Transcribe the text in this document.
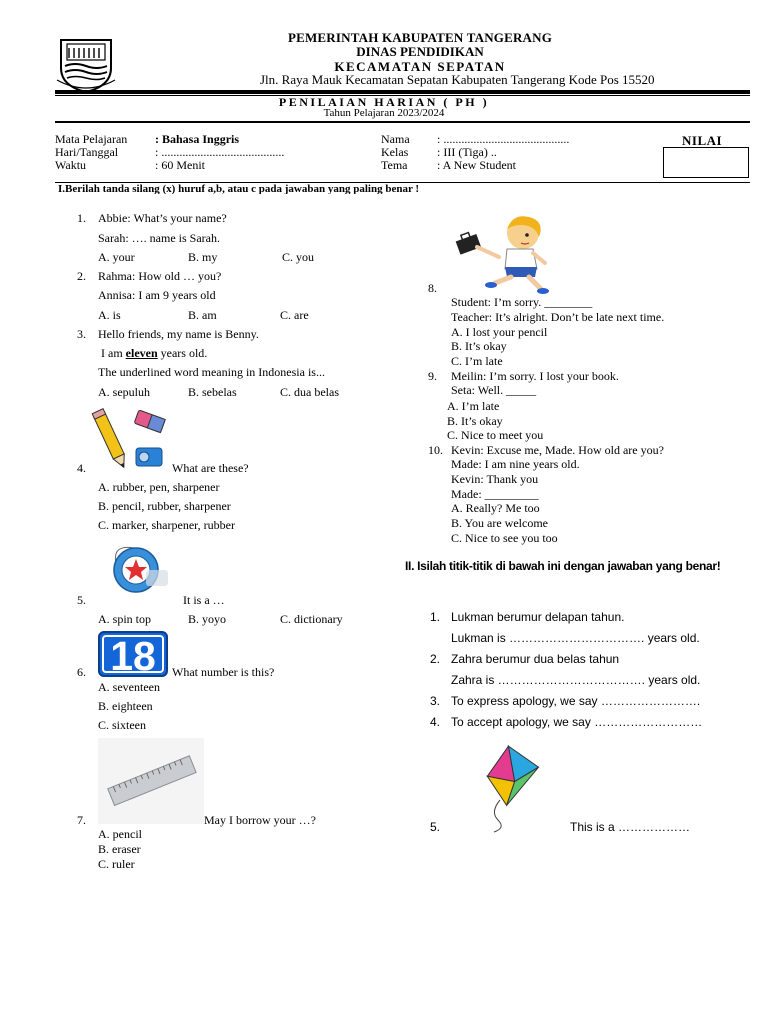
PEMERINTAH KABUPATEN TANGERANG
DINAS PENDIDIKAN
KECAMATAN SEPATAN
Jln. Raya Mauk Kecamatan Sepatan Kabupaten Tangerang Kode Pos 15520
PENILAIAN HARIAN ( PH )
Tahun Pelajaran 2023/2024
Mata Pelajaran : Bahasa Inggris
Hari/Tanggal	: .........................................
Waktu	: 60 Menit
Nama : ..........................................
Kelas : III (Tiga) ..
Tema : A New Student
NILAI
I.Berilah tanda silang (x) huruf a,b, atau c pada jawaban yang paling benar !
1. Abbie: What’s your name?
Sarah: …. name is Sarah.
A. your	B. my	C. you
2. Rahma: How old … you?
Annisa: I am 9 years old
A. is	B. am	C. are
3. Hello friends, my name is Benny.
I am eleven years old.
The underlined word meaning in Indonesia is...
A. sepuluh	B. sebelas	C. dua belas
4.	What are these?
A. rubber, pen, sharpener
B. pencil, rubber, sharpener
C. marker, sharpener, rubber
5.	It is a …
A. spin top	B. yoyo	C. dictionary
18
6.	What number is this?
A. seventeen
B. eighteen
C. sixteen
7.	May I borrow your …?
A. pencil
B. eraser
C. ruler
8.
Student: I’m sorry. ________
Teacher: It’s alright. Don’t be late next time.
A. I lost your pencil
B. It’s okay
C. I’m late
9. Meilin: I’m sorry. I lost your book.
Seta: Well. _____
A. I’m late
B. It’s okay
C. Nice to meet you
10. Kevin: Excuse me, Made. How old are you?
Made: I am nine years old.
Kevin: Thank you
Made: _________
A. Really? Me too
B. You are welcome
C. Nice to see you too
II. Isilah titik-titik di bawah ini dengan jawaban yang benar!
1. Lukman berumur delapan tahun.
Lukman is ……………………………. years old.
2. Zahra berumur dua belas tahun
Zahra is ………………………………. years old.
3. To express apology, we say …………………….
4. To accept apology, we say ………………………
5.	This is a ………………
